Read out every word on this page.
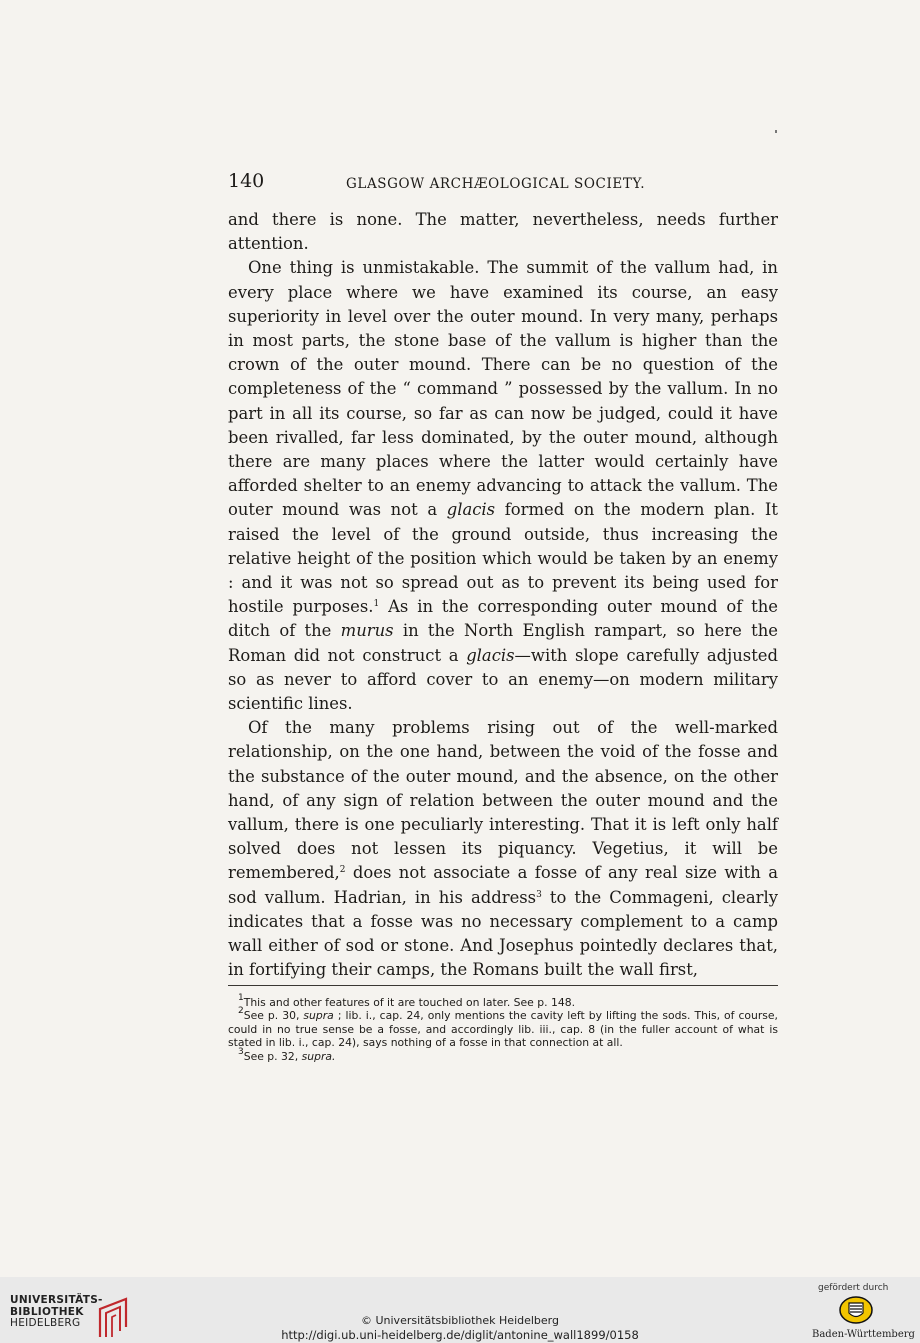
140	GLASGOW ARCHÆOLOGICAL SOCIETY.

and there is none. The matter, nevertheless, needs further attention.

One thing is unmistakable. The summit of the vallum had, in every place where we have examined its course, an easy superiority in level over the outer mound. In very many, perhaps in most parts, the stone base of the vallum is higher than the crown of the outer mound. There can be no question of the completeness of the “ command ” possessed by the vallum. In no part in all its course, so far as can now be judged, could it have been rivalled, far less dominated, by the outer mound, although there are many places where the latter would certainly have afforded shelter to an enemy advancing to attack the vallum. The outer mound was not a glacis formed on the modern plan. It raised the level of the ground outside, thus increasing the relative height of the position which would be taken by an enemy : and it was not so spread out as to prevent its being used for hostile purposes.$^1$ As in the corresponding outer mound of the ditch of the murus in the North English rampart, so here the Roman did not construct a glacis—with slope carefully adjusted so as never to afford cover to an enemy—on modern military scientific lines.

Of the many problems rising out of the well-marked relationship, on the one hand, between the void of the fosse and the substance of the outer mound, and the absence, on the other hand, of any sign of relation between the outer mound and the vallum, there is one peculiarly interesting. That it is left only half solved does not lessen its piquancy. Vegetius, it will be remembered,$^2$ does not associate a fosse of any real size with a sod vallum. Hadrian, in his address$^3$ to the Commageni, clearly indicates that a fosse was no necessary complement to a camp wall either of sod or stone. And Josephus pointedly declares that, in fortifying their camps, the Romans built the wall first,

$^1$This and other features of it are touched on later. See p. 148.

$^2$See p. 30, supra ; lib. i., cap. 24, only mentions the cavity left by lifting the sods. This, of course, could in no true sense be a fosse, and accordingly lib. iii., cap. 8 (in the fuller account of what is stated in lib. i., cap. 24), says nothing of a fosse in that connection at all.

$^3$See p. 32, supra.

UNIVERSITÄTS-
BIBLIOTHEK
HEIDELBERG	© Universitätsbibliothek Heidelberg
http://digi.ub.uni-heidelberg.de/diglit/antonine_wall1899/0158
gefördert durch
Baden-Württemberg
